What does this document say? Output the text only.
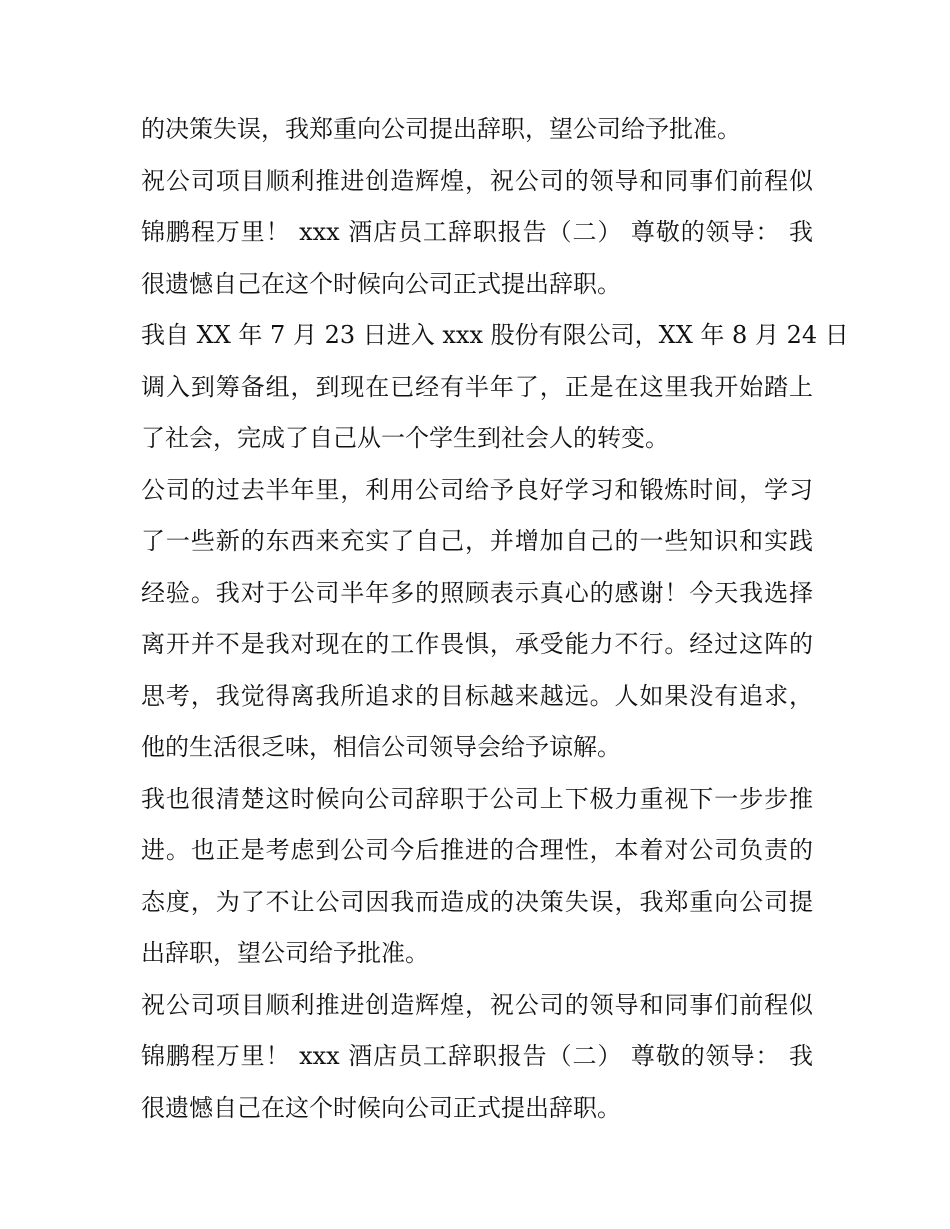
的决策失误，我郑重向公司提出辞职，望公司给予批准。
祝公司项目顺利推进创造辉煌，祝公司的领导和同事们前程似
锦鹏程万里！ xxx 酒店员工辞职报告（二） 尊敬的领导： 我
很遗憾自己在这个时候向公司正式提出辞职。
我自 XX 年 7 月 23 日进入 xxx 股份有限公司，XX 年 8 月 24 日
调入到筹备组，到现在已经有半年了，正是在这里我开始踏上
了社会，完成了自己从一个学生到社会人的转变。
公司的过去半年里，利用公司给予良好学习和锻炼时间，学习
了一些新的东西来充实了自己，并增加自己的一些知识和实践
经验。我对于公司半年多的照顾表示真心的感谢！今天我选择
离开并不是我对现在的工作畏惧，承受能力不行。经过这阵的
思考，我觉得离我所追求的目标越来越远。人如果没有追求，
他的生活很乏味，相信公司领导会给予谅解。
我也很清楚这时候向公司辞职于公司上下极力重视下一步步推
进。也正是考虑到公司今后推进的合理性，本着对公司负责的
态度，为了不让公司因我而造成的决策失误，我郑重向公司提
出辞职，望公司给予批准。
祝公司项目顺利推进创造辉煌，祝公司的领导和同事们前程似
锦鹏程万里！ xxx 酒店员工辞职报告（二） 尊敬的领导： 我
很遗憾自己在这个时候向公司正式提出辞职。
